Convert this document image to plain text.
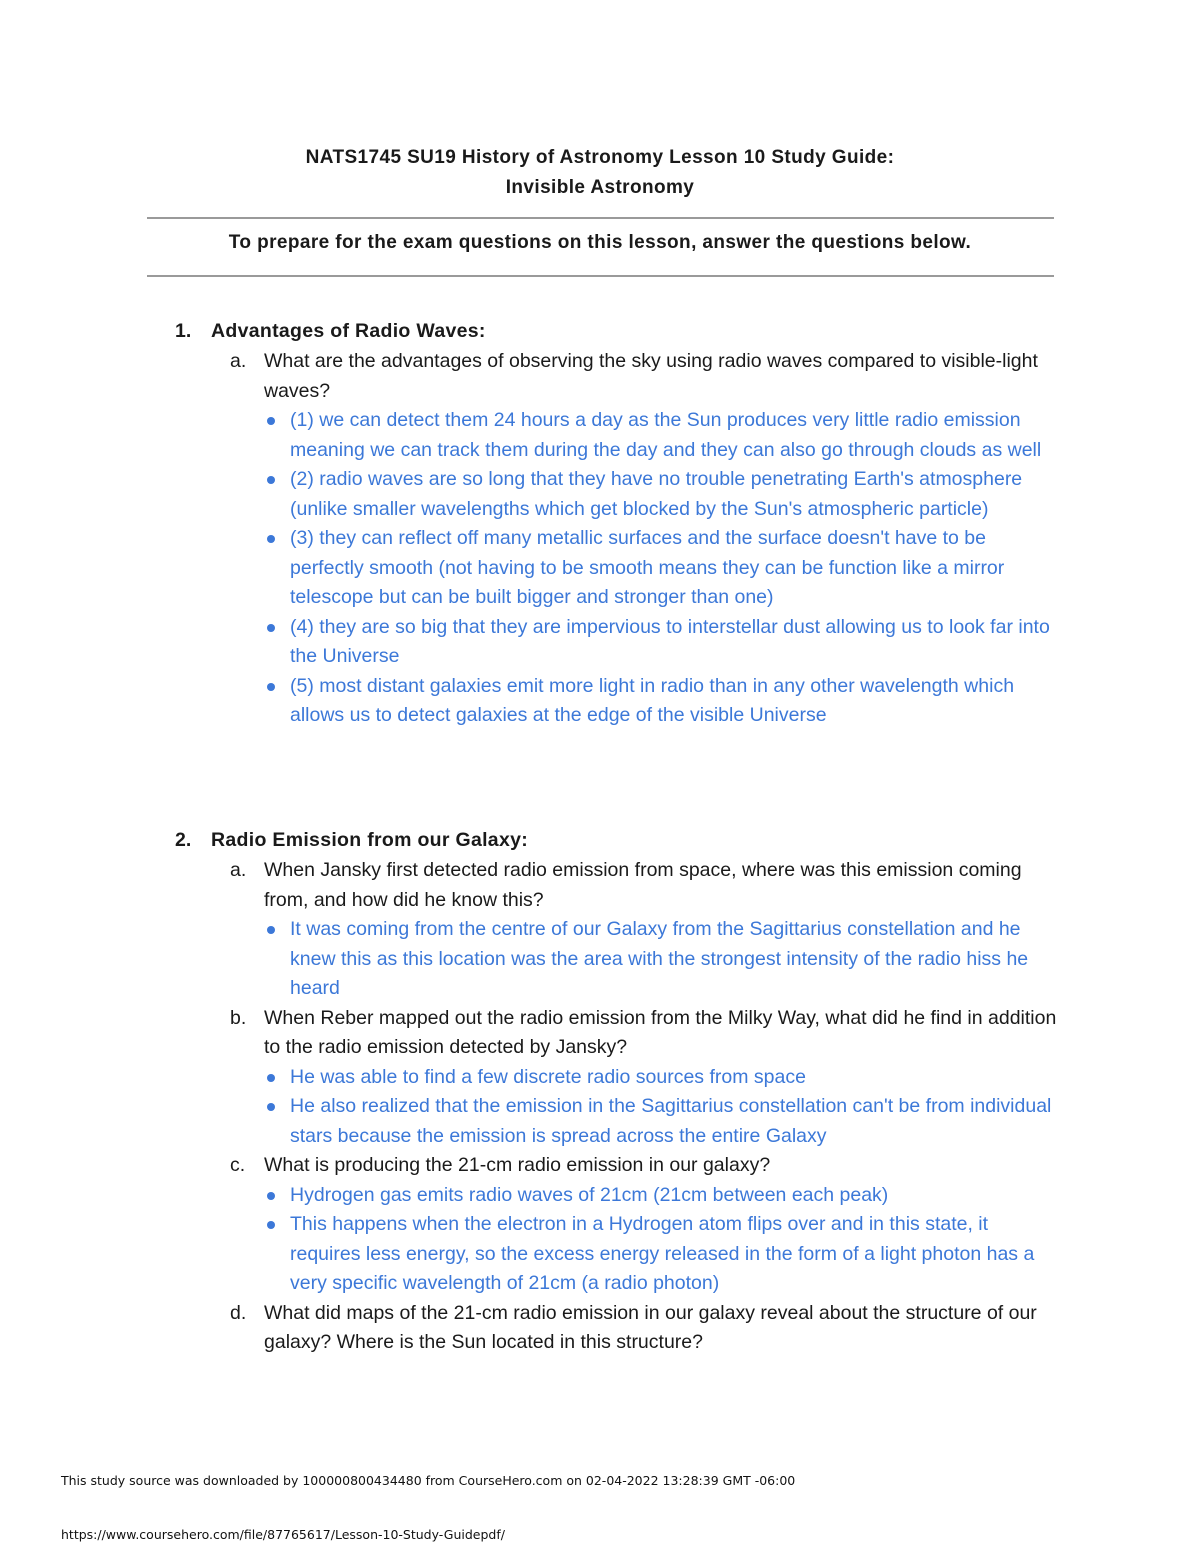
NATS1745 SU19 History of Astronomy Lesson 10 Study Guide:
Invisible Astronomy
To prepare for the exam questions on this lesson, answer the questions below.
1. Advantages of Radio Waves:
a. What are the advantages of observing the sky using radio waves compared to visible-light waves?
(1) we can detect them 24 hours a day as the Sun produces very little radio emission meaning we can track them during the day and they can also go through clouds as well
(2) radio waves are so long that they have no trouble penetrating Earth's atmosphere (unlike smaller wavelengths which get blocked by the Sun's atmospheric particle)
(3) they can reflect off many metallic surfaces and the surface doesn't have to be perfectly smooth (not having to be smooth means they can be function like a mirror telescope but can be built bigger and stronger than one)
(4) they are so big that they are impervious to interstellar dust allowing us to look far into the Universe
(5) most distant galaxies emit more light in radio than in any other wavelength which allows us to detect galaxies at the edge of the visible Universe
2. Radio Emission from our Galaxy:
a. When Jansky first detected radio emission from space, where was this emission coming from, and how did he know this?
It was coming from the centre of our Galaxy from the Sagittarius constellation and he knew this as this location was the area with the strongest intensity of the radio hiss he heard
b. When Reber mapped out the radio emission from the Milky Way, what did he find in addition to the radio emission detected by Jansky?
He was able to find a few discrete radio sources from space
He also realized that the emission in the Sagittarius constellation can't be from individual stars because the emission is spread across the entire Galaxy
c. What is producing the 21-cm radio emission in our galaxy?
Hydrogen gas emits radio waves of 21cm (21cm between each peak)
This happens when the electron in a Hydrogen atom flips over and in this state, it requires less energy, so the excess energy released in the form of a light photon has a very specific wavelength of 21cm (a radio photon)
d. What did maps of the 21-cm radio emission in our galaxy reveal about the structure of our galaxy? Where is the Sun located in this structure?
This study source was downloaded by 100000800434480 from CourseHero.com on 02-04-2022 13:28:39 GMT -06:00
https://www.coursehero.com/file/87765617/Lesson-10-Study-Guidepdf/
